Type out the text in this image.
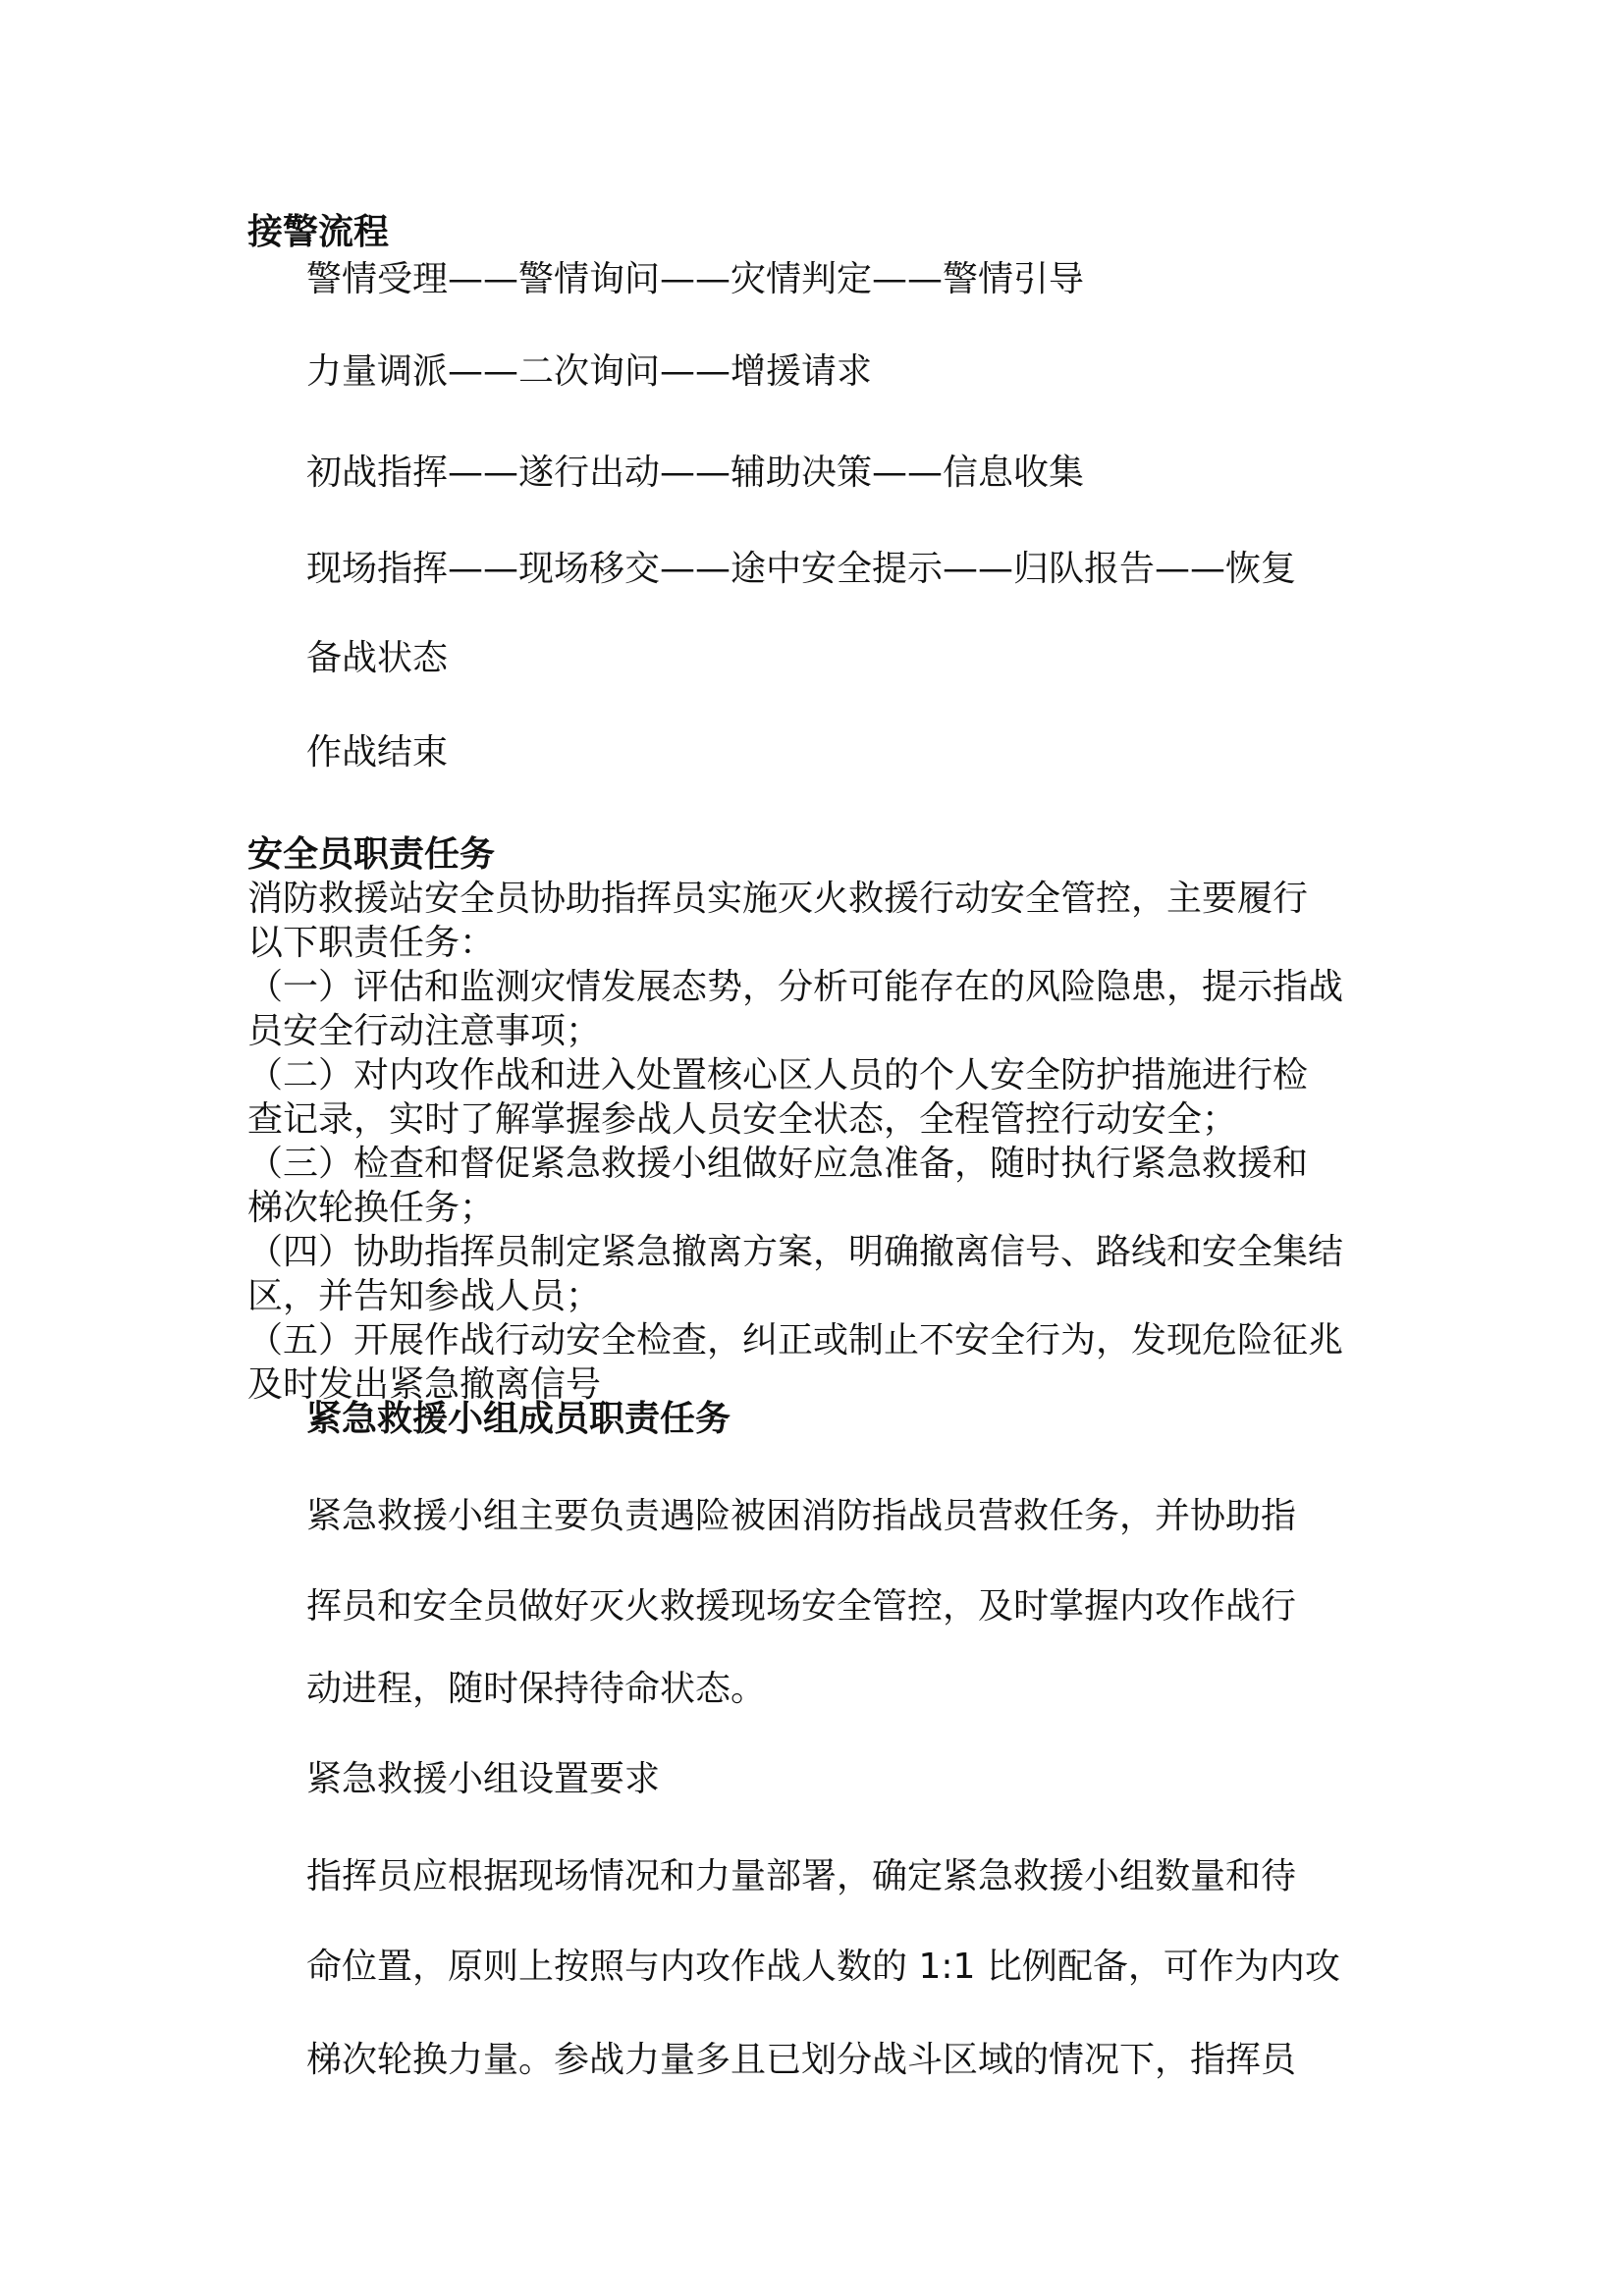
接警流程

警情受理——警情询问——灾情判定——警情引导

力量调派——二次询问——增援请求

初战指挥——遂行出动——辅助决策——信息收集

现场指挥——现场移交——途中安全提示——归队报告——恢复

备战状态

作战结束

安全员职责任务

消防救援站安全员协助指挥员实施灭火救援行动安全管控，主要履行

以下职责任务：

（一）评估和监测灾情发展态势，分析可能存在的风险隐患，提示指战

员安全行动注意事项；

（二）对内攻作战和进入处置核心区人员的个人安全防护措施进行检

查记录，实时了解掌握参战人员安全状态，全程管控行动安全；

（三）检查和督促紧急救援小组做好应急准备，随时执行紧急救援和

梯次轮换任务；

（四）协助指挥员制定紧急撤离方案，明确撤离信号、路线和安全集结

区，并告知参战人员；

（五）开展作战行动安全检查，纠正或制止不安全行为，发现危险征兆

及时发出紧急撤离信号

紧急救援小组成员职责任务

紧急救援小组主要负责遇险被困消防指战员营救任务，并协助指

挥员和安全员做好灭火救援现场安全管控，及时掌握内攻作战行

动进程，随时保持待命状态。

紧急救援小组设置要求

指挥员应根据现场情况和力量部署，确定紧急救援小组数量和待

命位置，原则上按照与内攻作战人数的 1:1 比例配备，可作为内攻

梯次轮换力量。参战力量多且已划分战斗区域的情况下，指挥员
